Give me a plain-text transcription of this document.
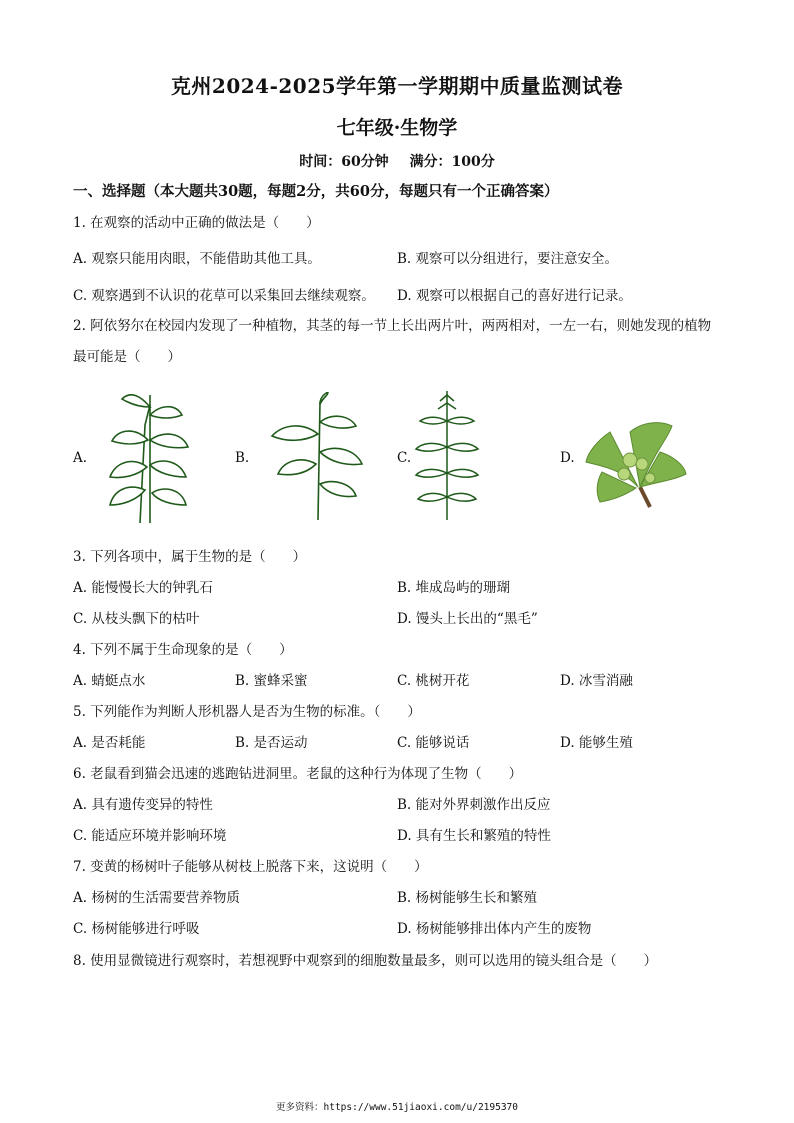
克州2024-2025学年第一学期期中质量监测试卷
七年级·生物学
时间：60分钟 满分：100分
一、选择题（本大题共30题，每题2分，共60分，每题只有一个正确答案）
1. 在观察的活动中正确的做法是（　　）
A. 观察只能用肉眼，不能借助其他工具。	B. 观察可以分组进行，要注意安全。
C. 观察遇到不认识的花草可以采集回去继续观察。 D. 观察可以根据自己的喜好进行记录。
2. 阿依努尔在校园内发现了一种植物，其茎的每一节上长出两片叶，两两相对，一左一右，则她发现的植物最可能是（　　）
A.	B.	C.	D.
3. 下列各项中，属于生物的是（　　）
A. 能慢慢长大的钟乳石	B. 堆成岛屿的珊瑚
C. 从枝头飘下的枯叶	D. 馒头上长出的“黑毛”
4. 下列不属于生命现象的是（　　）
A. 蜻蜓点水	B. 蜜蜂采蜜	C. 桃树开花	D. 冰雪消融
5. 下列能作为判断人形机器人是否为生物的标准。（　　）
A. 是否耗能	B. 是否运动	C. 能够说话	D. 能够生殖
6. 老鼠看到猫会迅速的逃跑钻进洞里。老鼠的这种行为体现了生物（　　）
A. 具有遗传变异的特性	B. 能对外界刺激作出反应
C. 能适应环境并影响环境	D. 具有生长和繁殖的特性
7. 变黄的杨树叶子能够从树枝上脱落下来，这说明（　　）
A. 杨树的生活需要营养物质	B. 杨树能够生长和繁殖
C. 杨树能够进行呼吸	D. 杨树能够排出体内产生的废物
8. 使用显微镜进行观察时，若想视野中观察到的细胞数量最多，则可以选用的镜头组合是（　　）
更多资料：https://www.51jiaoxi.com/u/2195370
